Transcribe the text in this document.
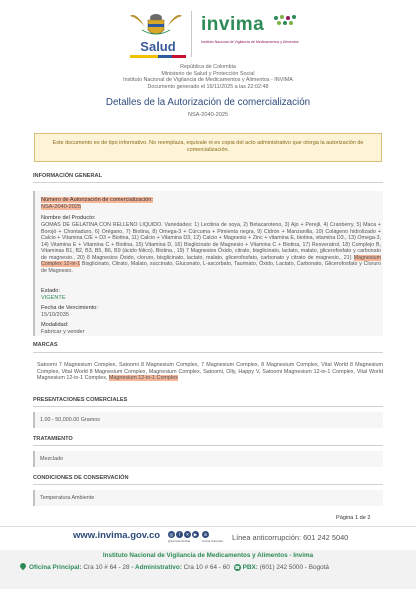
Salud
invima
Instituto Nacional de Vigilancia de Medicamentos y Alimentos
República de Colombia
Ministerio de Salud y Protección Social
Instituto Nacional de Vigilancia de Medicamentos y Alimentos - INVIMA
Documento generado el 16/11/2025 a las 22:02:48
Detalles de la Autorización de comercialización
NSA-2040-2025
Este documento es de tipo informativo. No reemplaza, equivale ni es copia del acto administrativo que otorga la autorización de
comercialización.
INFORMACIÓN GENERAL
Número de Autorización de comercialización:
NSA-2040-2025
Nombre del Producto:
GOMAS DE GELATINA CON RELLENO LIQUIDO. Variedades: 1) Lecitina de soya, 2) Betacaroteno, 3) Ajo + Perejil, 4) Cranberry, 5) Maca + Borojó + Chontaduro, 6) Orégano, 7) Biotina, 8) Omega-3 + Cúrcuma + Pimienta negra, 9) Cidrón + Manzanilla, 10) Colágeno hidrolizado + Calcio + Vitamina C/E + D3 + Biotina, 11) Calcio + Vitamina D3, 12) Calcio + Magnesio + Zinc + vitamina E, biotina, vitamina D3., 13) Omega-3, 14) Vitamina E + Vitamina C + Biotina, 15) Vitamina D, 16) Bisglicinato de Magnesio + Vitamina C + Biotina, 17) Resveratrol, 18) Complejo B, Vitaminas B1, B2, B3, B5, B6, B9 (ácido fólico), Biotina., 19) 7 Magnesios Óxido, citrato, bisglicinato, lactato, malato, glicerofosfato y carbonato de magnesio., 20) 8 Magnesios Óxido, cloruro, bisglicinato, lactato, malato, glicerofosfato, carbonato y citrato de magnesio., 21) Magnesium Complex 12-in-1 Bisglicinato, Citrato, Malato, succinato, Gluconato, L-ascorbato, Taurinato, Óxido, Lactato, Carbonato, Glicerofosfato y Cloruro de Magnesio.
Estado:
VIGENTE
Fecha de Vencimiento:
15/10/2035
Modalidad:
Fabricar y vender
MARCAS
Satoomi 7 Magnesium Complex, Satoomi 8 Magnesium Complex, 7 Magnesium Complex, 8 Magnesium Complex, Vital World 8 Magnesium Complex, Vital World 8 Magnesium Complex, Magnesium Complex, Satoomi, Olly, Happy V, Satoomi Magnesium 12-in-1 Complex, Vital World Magnesium 12-in-1 Complex, Magnesium 12-in-1 Complex
PRESENTACIONES COMERCIALES
1.00 - 50,000.00 Gramos
TRATAMIENTO
Mezclado
CONDICIONES DE CONSERVACIÓN
Temperatura Ambiente
Página 1 de 2
www.invima.gov.co	◎	f	✕ ▶	in
@invimacolombia	Invima Colombia Línea anticorrupción: 601 242 5040
Instituto Nacional de Vigilancia de Medicamentos y Alimentos - Invima
Oficina Principal: Cra 10 # 64 - 28 - Administrativo: Cra 10 # 64 - 60 ☎ PBX: (601) 242 5000 - Bogotá
